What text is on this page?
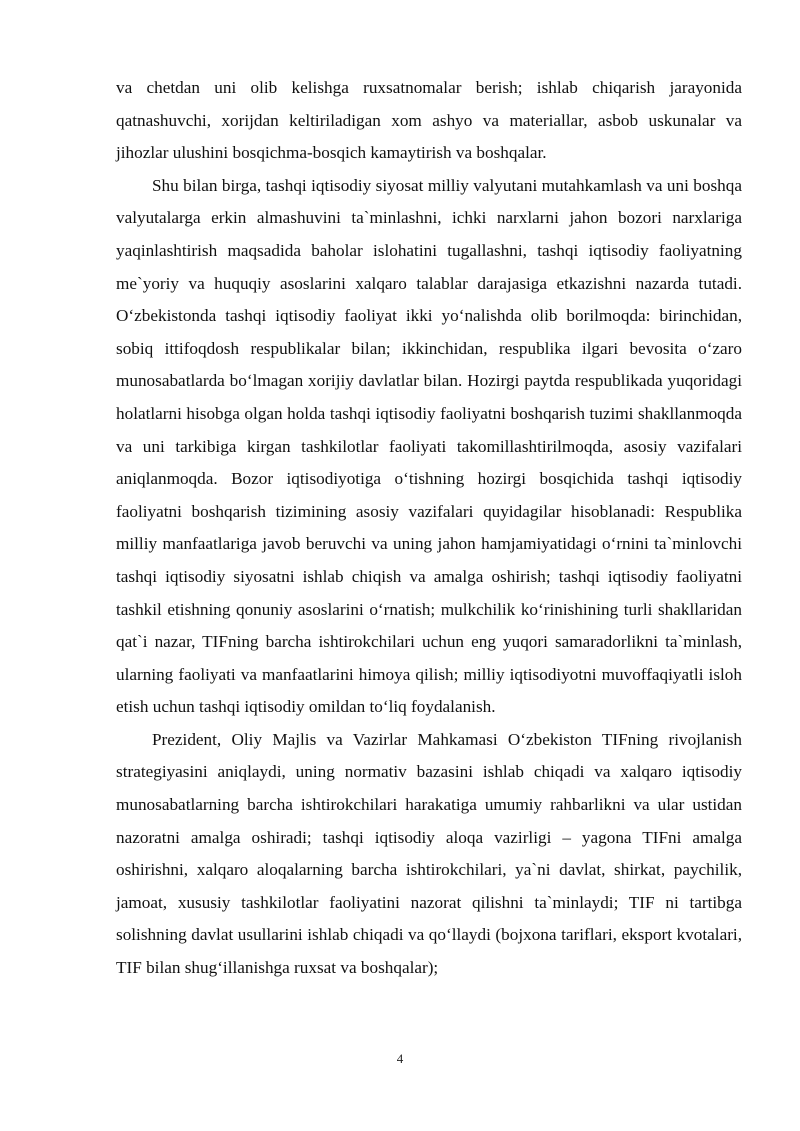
va chetdan uni olib kelishga ruxsatnomalar berish; ishlab chiqarish jarayonida qatnashuvchi, xorijdan keltiriladigan xom ashyo va materiallar, asbob uskunalar va jihozlar ulushini bosqichma-bosqich kamaytirish va boshqalar.

Shu bilan birga, tashqi iqtisodiy siyosat milliy valyutani mutahkamlash va uni boshqa valyutalarga erkin almashuvini ta`minlashni, ichki narxlarni jahon bozori narxlariga yaqinlashtirish maqsadida baholar islohatini tugallashni, tashqi iqtisodiy faoliyatning me`yoriy va huquqiy asoslarini xalqaro talablar darajasiga etkazishni nazarda tutadi. O‘zbekistonda tashqi iqtisodiy faoliyat ikki yo‘nalishda olib borilmoqda: birinchidan, sobiq ittifoqdosh respublikalar bilan; ikkinchidan, respublika ilgari bevosita o‘zaro munosabatlarda bo‘lmagan xorijiy davlatlar bilan. Hozirgi paytda respublikada yuqoridagi holatlarni hisobga olgan holda tashqi iqtisodiy faoliyatni boshqarish tuzimi shakllanmoqda va uni tarkibiga kirgan tashkilotlar faoliyati takomillashtirilmoqda, asosiy vazifalari aniqlanmoqda. Bozor iqtisodiyotiga o‘tishning hozirgi bosqichida tashqi iqtisodiy faoliyatni boshqarish tizimining asosiy vazifalari quyidagilar hisoblanadi: Respublika milliy manfaatlariga javob beruvchi va uning jahon hamjamiyatidagi o‘rnini ta`minlovchi tashqi iqtisodiy siyosatni ishlab chiqish va amalga oshirish; tashqi iqtisodiy faoliyatni tashkil etishning qonuniy asoslarini o‘rnatish; mulkchilik ko‘rinishining turli shakllaridan qat`i nazar, TIFning barcha ishtirokchilari uchun eng yuqori samaradorlikni ta`minlash, ularning faoliyati va manfaatlarini himoya qilish; milliy iqtisodiyotni muvoffaqiyatli isloh etish uchun tashqi iqtisodiy omildan to‘liq foydalanish.

Prezident, Oliy Majlis va Vazirlar Mahkamasi O‘zbekiston TIFning rivojlanish strategiyasini aniqlaydi, uning normativ bazasini ishlab chiqadi va xalqaro iqtisodiy munosabatlarning barcha ishtirokchilari harakatiga umumiy rahbarlikni va ular ustidan nazoratni amalga oshiradi; tashqi iqtisodiy aloqa vazirligi – yagona TIFni amalga oshirishni, xalqaro aloqalarning barcha ishtirokchilari, ya`ni davlat, shirkat, paychilik, jamoat, xususiy tashkilotlar faoliyatini nazorat qilishni ta`minlaydi; TIF ni tartibga solishning davlat usullarini ishlab chiqadi va qo‘llaydi (bojxona tariflari, eksport kvotalari, TIF bilan shug‘illanishga ruxsat va boshqalar);

4
